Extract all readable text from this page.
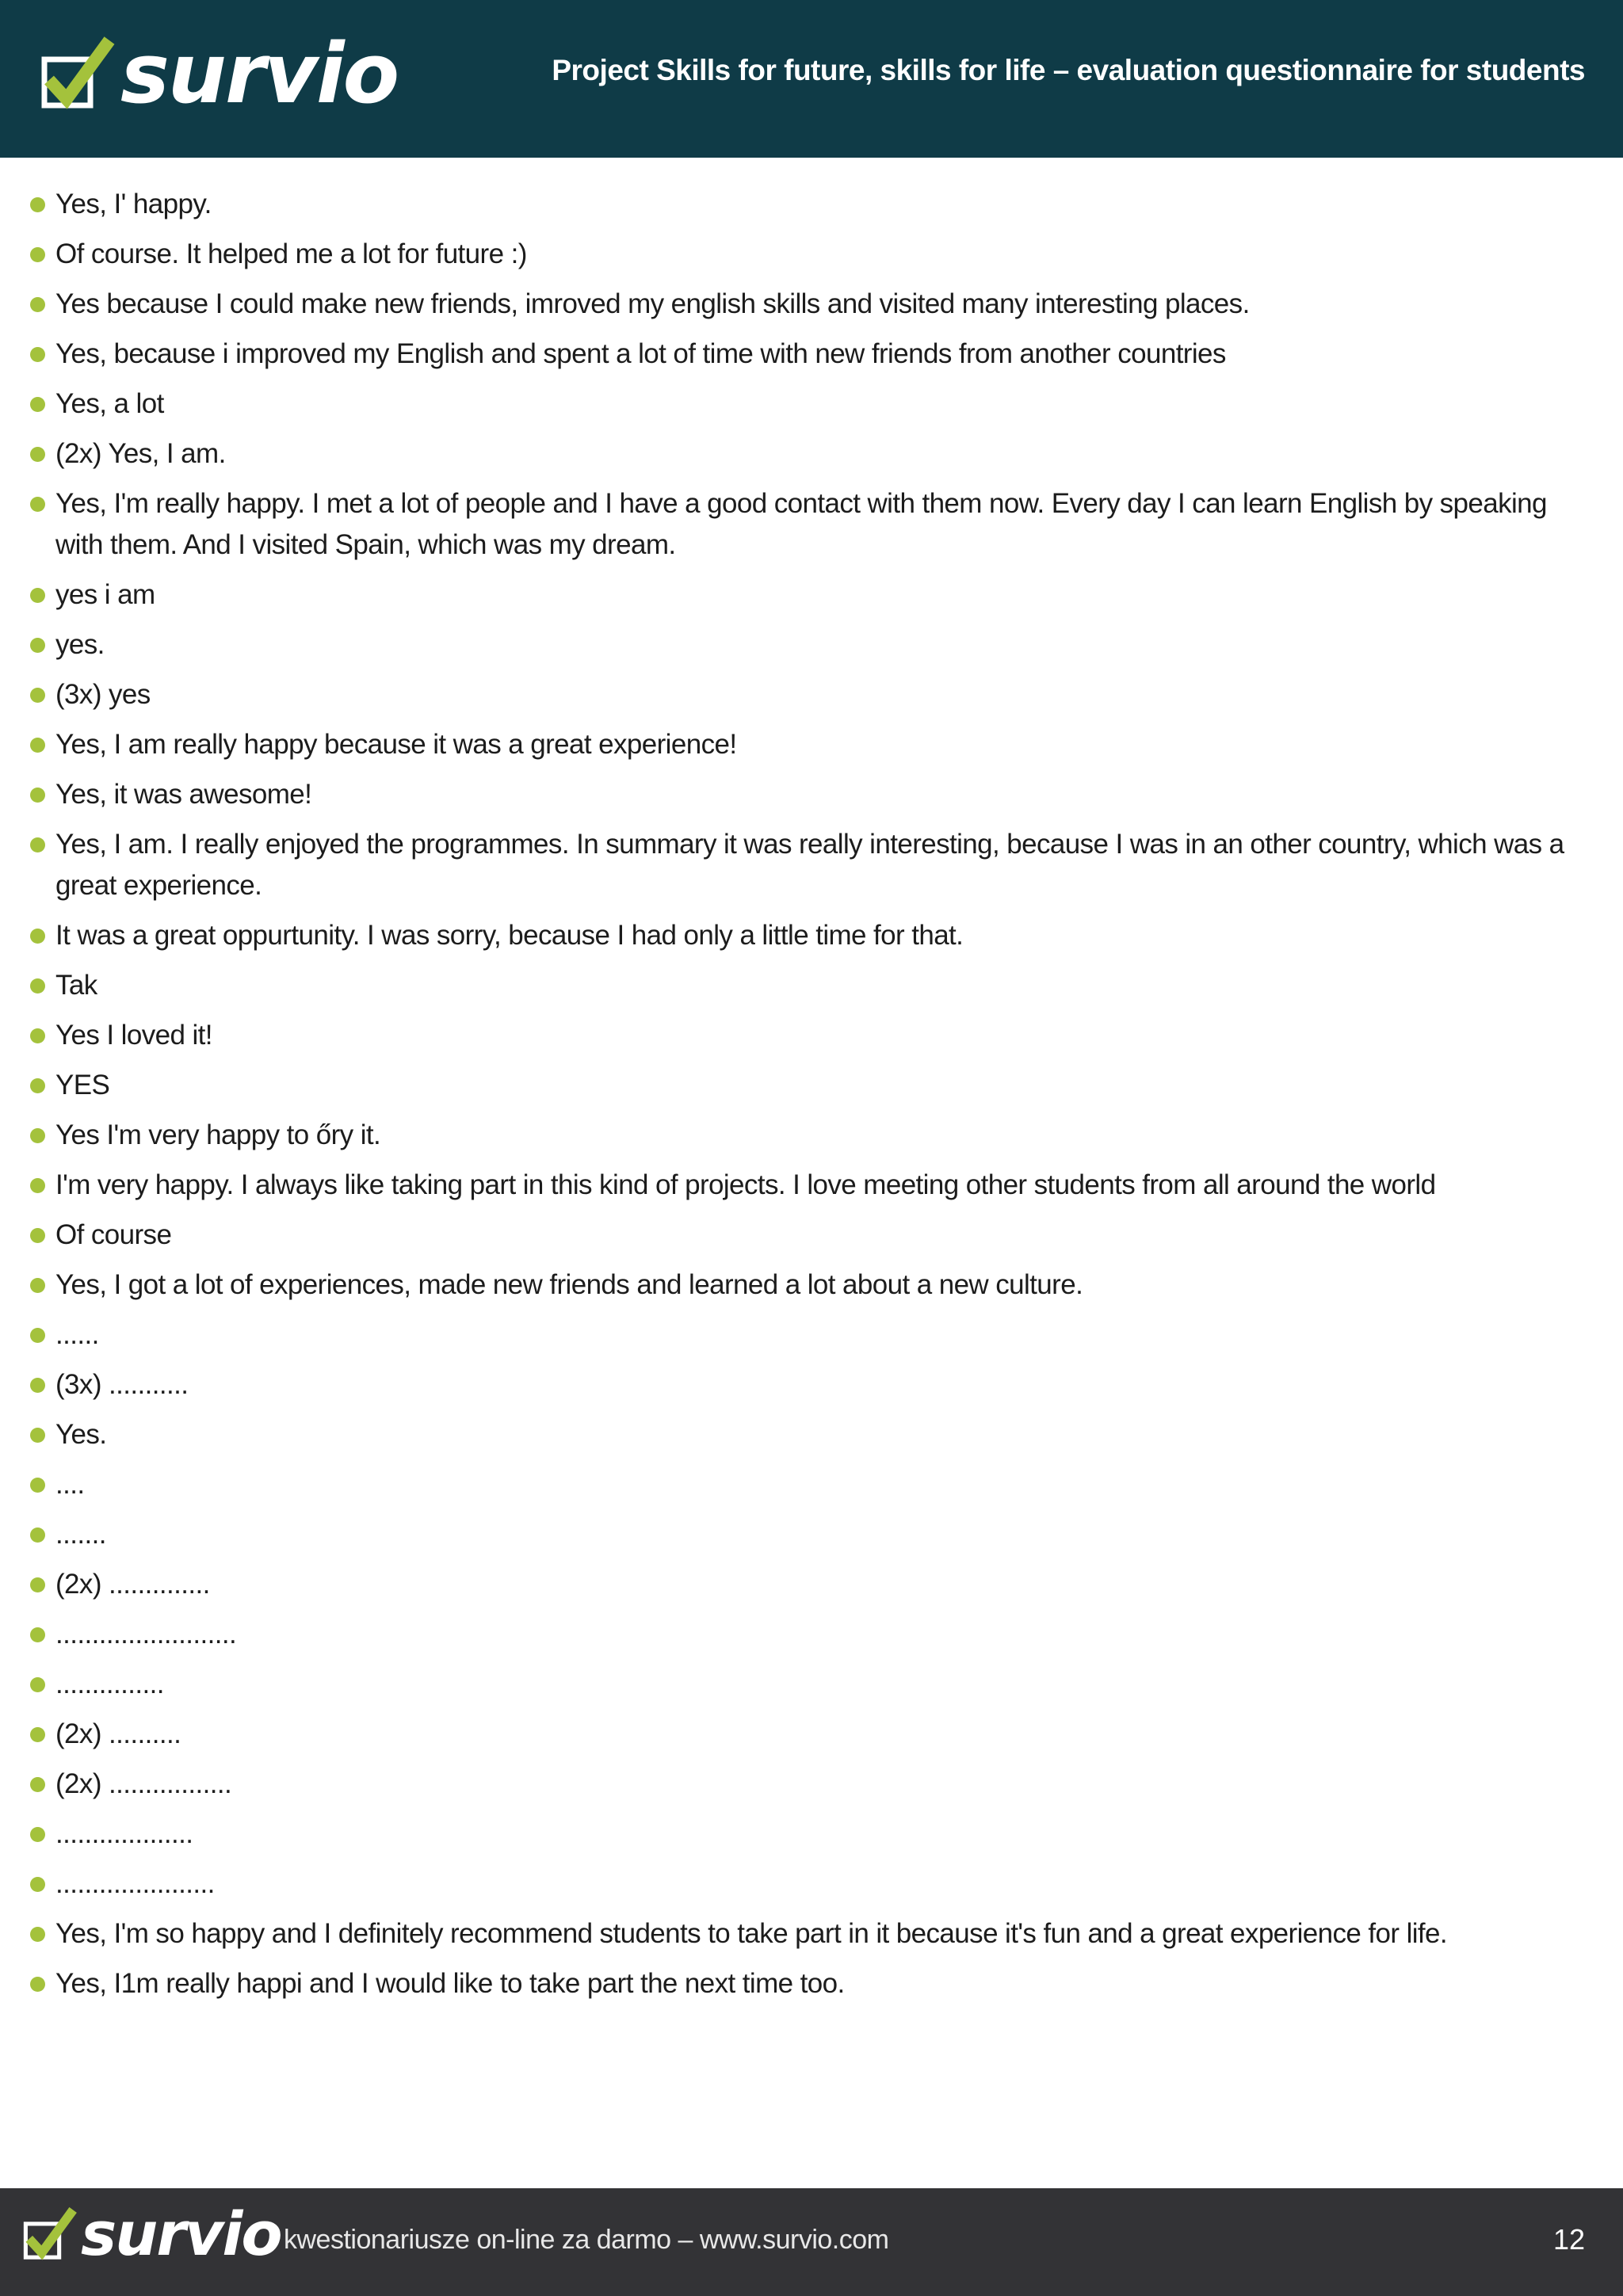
survio	Project Skills for future, skills for life – evaluation questionnaire for students
Yes, I' happy.
Of course. It helped me a lot for future :)
Yes because I could make new friends, imroved my english skills and visited many interesting places.
Yes, because i improved my English and spent a lot of time with new friends from another countries
Yes, a lot
(2x) Yes, I am.
Yes, I'm really happy. I met a lot of people and I have a good contact with them now. Every day I can learn English by speaking with them. And I visited Spain, which was my dream.
yes i am
yes.
(3x) yes
Yes, I am really happy because it was a great experience!
Yes, it was awesome!
Yes, I am. I really enjoyed the programmes. In summary it was really interesting, because I was in an other country, which was a great experience.
It was a great oppurtunity. I was sorry, because I had only a little time for that.
Tak
Yes I loved it!
YES
Yes I'm very happy to őry it.
I'm very happy. I always like taking part in this kind of projects. I love meeting other students from all around the world
Of course
Yes, I got a lot of experiences, made new friends and learned a lot about a new culture.
......
(3x) ...........
Yes.
....
.......
(2x) ..............
.........................
...............
(2x) ..........
(2x) .................
...................
......................
Yes, I'm so happy and I definitely recommend students to take part in it because it's fun and a great experience for life.
Yes, I1m really happi and I would like to take part the next time too.
survio kwestionariusze on-line za darmo – www.survio.com	12
